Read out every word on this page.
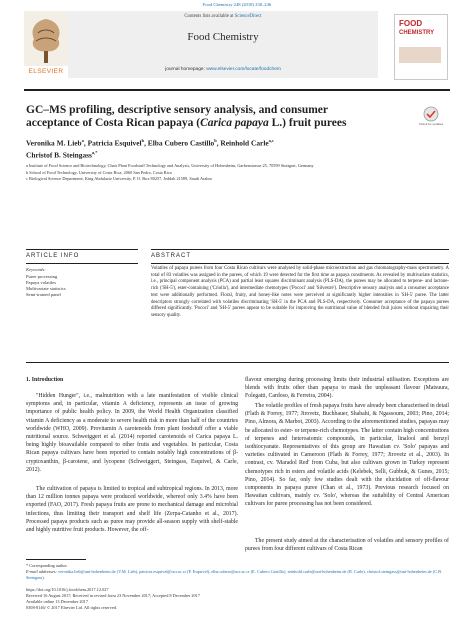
Food Chemistry 248 (2018) 238–246
ELSEVIER
Contents lists available at ScienceDirect
Food Chemistry
journal homepage: www.elsevier.com/locate/foodchem
FOOD
CHEMISTRY
GC–MS profiling, descriptive sensory analysis, and consumer acceptance of Costa Rican papaya (Carica papaya L.) fruit purees	Check for updates
Veronika M. Lieb$^a$, Patricia Esquivel$^b$, Elba Cubero Castillo$^b$, Reinhold Carle$^{a,c}$
Christof B. Steingass$^{a,*}$
a Institute of Food Science and Biotechnology, Chair Plant Foodstuff Technology and Analysis, University of Hohenheim, Garbenstrasse 25, 70599 Stuttgart, Germany
b School of Food Technology, University of Costa Rica, 2060 San Pedro, Costa Rica
c Biological Science Department, King Abdulaziz University, P. O. Box 80257, Jeddah 21589, Saudi Arabia
ARTICLE INFO	ABSTRACT
Keywords:
Puree processing
Papaya volatiles
Multivariate statistics
Semi-trained panel
Volatiles of papaya purees from four Costa Rican cultivars were analysed by solid-phase microextraction and gas chromatography-mass spectrometry. A total of 83 volatiles was assigned in the purees, of which 19 were detected for the first time as papaya constituents. As revealed by multivariate statistics, i.e., principal component analysis (PCA) and partial least squares discriminant analysis (PLS-DA), the purees may be allocated to terpene- and lactone-rich ('SH-5'), ester-containing ('Criolla'), and intermediate chemotypes ('Pococí' and 'Silvestre'). Descriptive sensory analysis and a consumer acceptance test were additionally performed. Floral, fruity, and honey-like notes were perceived at significantly higher intensities in 'SH-5' puree. The latter descriptors strongly correlated with volatiles discriminating 'SH-5' in the PCA and PLS-DA, respectively. Consumer acceptance of the papaya purees differed significantly. 'Pococí' and 'SH-5' purees appear to be suitable for improving the nutritional value of blended fruit juices without impairing their sensory quality.
1. Introduction
"Hidden Hunger", i.e., malnutrition with a late manifestation of visible clinical symptoms and, in particular, vitamin A deficiency, represents an issue of growing importance of public health policy. In 2009, the World Health Organization classified vitamin A deficiency as a moderate to severe health risk in more than half of the countries worldwide (WHO, 2009). Provitamin A carotenoids from plant foodstuff offer a viable nutritional source. Schweiggert et al. (2014) reported carotenoids of Carica papaya L. being highly bioavailable compared to other fruits and vegetables. In particular, Costa Rican papaya cultivars have been reported to contain notably high concentrations of β-cryptoxanthin, β-carotene, and lycopene (Schweiggert, Steingass, Esquivel, & Carle, 2012).
The cultivation of papaya is limited to tropical and subtropical regions. In 2013, more than 12 million tonnes papaya were produced worldwide, whereof only 3.4% have been exported (FAO, 2017). Fresh papaya fruits are prone to mechanical damage and microbial infections, thus limiting their transport and shelf life (Zerpa-Catanho et al., 2017). Processed papaya products such as puree may provide all-season supply with shelf-stable and highly nutritive fruit products. However, the off-
flavour emerging during processing limits their industrial utilisation. Exceptions are blends with fruits other than papaya to mask the unpleasant flavour (Matsuura, Folegatti, Cardoso, & Ferreira, 2004).
The volatile profiles of fresh papaya fruits have already been characterised in detail (Flath & Forrey, 1977; Jirovetz, Buchbauer, Shabahi, & Ngassoum, 2003; Pino, 2014; Pino, Almora, & Marbot, 2003). According to the aforementioned studies, papayas may be allocated to ester- or terpene-rich chemotypes. The latter contain high concentrations of terpenes and heteroatomic compounds, in particular, linalool and benzyl isothiocyanate. Representatives of this group are Hawaiian cv. 'Solo' papayas and varieties cultivated in Cameroon (Flath & Forrey, 1977; Jirovetz et al., 2003). In contrast, cv. 'Maradol Red' from Cuba, but also cultivars grown in Turkey represent chemotypes rich in esters and volatile acids (Kelebek, Selli, Gubbuk, & Gunes, 2015; Pino, 2014). So far, only few studies dealt with the elucidation of off-flavour components in papaya puree (Chan et al., 1973). Previous research focused on Hawaiian cultivars, mainly cv. 'Solo', whereas the suitability of Central American cultivars for puree processing has not been considered.
The present study aimed at the characterisation of volatiles and sensory profiles of purees from four different cultivars of Costa Rican
* Corresponding author.
E-mail addresses: veronika.lieb@uni-hohenheim.de (V.M. Lieb), patricia.esquivel@ucr.ac.cr (P. Esquivel), elba.cubero@ucr.ac.cr (E. Cubero Castillo), reinhold.carle@uni-hohenheim.de (R. Carle), christof.steingass@uni-hohenheim.de (C.B. Steingass).
https://doi.org/10.1016/j.foodchem.2017.12.027
Received 16 August 2017; Received in revised form 23 November 2017; Accepted 8 December 2017
Available online 13 December 2017
0308-8146/ © 2017 Elsevier Ltd. All rights reserved.
